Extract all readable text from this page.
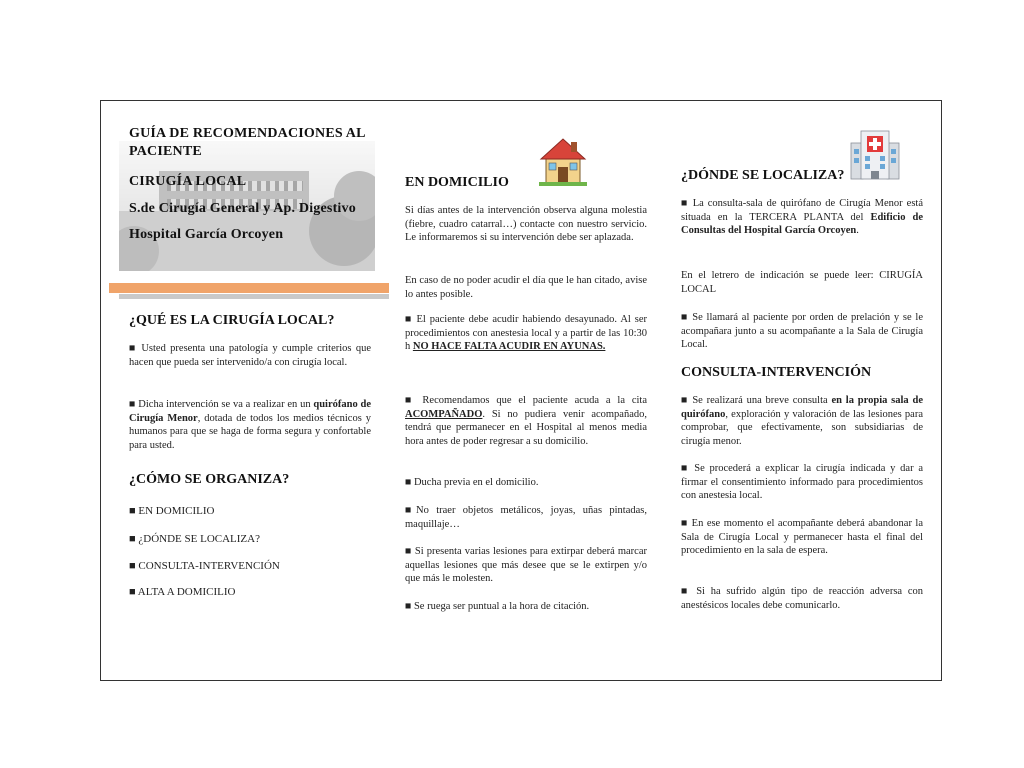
GUÍA DE RECOMENDACIONES AL
PACIENTE
CIRUGÍA LOCAL
S.de Cirugía General y Ap. Digestivo
Hospital García Orcoyen
¿QUÉ ES LA CIRUGÍA LOCAL?
■ Usted presenta una patología y cumple criterios que hacen que pueda ser intervenido/a con cirugía local.
■ Dicha intervención se va a realizar en un quirófano de Cirugía Menor, dotada de todos los medios técnicos y humanos para que se haga de forma segura y confortable para usted.
¿CÓMO SE ORGANIZA?
■ EN DOMICILIO
■ ¿DÓNDE SE LOCALIZA?
■ CONSULTA-INTERVENCIÓN
■ ALTA A DOMICILIO
EN DOMICILIO
Si días antes de la intervención observa alguna molestia (fiebre, cuadro catarral…) contacte con nuestro servicio. Le informaremos si su intervención debe ser aplazada.
En caso de no poder acudir el día que le han citado, avise lo antes posible.
■ El paciente debe acudir habiendo desayunado. Al ser procedimientos con anestesia local y a partir de las 10:30 h NO HACE FALTA ACUDIR EN AYUNAS.
■ Recomendamos que el paciente acuda a la cita ACOMPAÑADO. Si no pudiera venir acompañado, tendrá que permanecer en el Hospital al menos media hora antes de poder regresar a su domicilio.
■ Ducha previa en el domicilio.
■No traer objetos metálicos, joyas, uñas pintadas, maquillaje…
■ Si presenta varias lesiones para extirpar deberá marcar aquellas lesiones que más desee que se le extirpen y/o que más le molesten.
■ Se ruega ser puntual a la hora de citación.
¿DÓNDE SE LOCALIZA?
■ La consulta-sala de quirófano de Cirugía Menor está situada en la TERCERA PLANTA del Edificio de Consultas del Hospital García Orcoyen.
En el letrero de indicación se puede leer: CIRUGÍA LOCAL
■ Se llamará al paciente por orden de prelación y se le acompañara junto a su acompañante a la Sala de Cirugía Local.
CONSULTA-INTERVENCIÓN
■ Se realizará una breve consulta en la propia sala de quirófano, exploración y valoración de las lesiones para comprobar, que efectivamente, son subsidiarias de cirugía menor.
■ Se procederá a explicar la cirugía indicada y dar a firmar el consentimiento informado para procedimientos con anestesia local.
■ En ese momento el acompañante deberá abandonar la Sala de Cirugía Local y permanecer hasta el final del procedimiento en la sala de espera.
■ Si ha sufrido algún tipo de reacción adversa con anestésicos locales debe comunicarlo.
